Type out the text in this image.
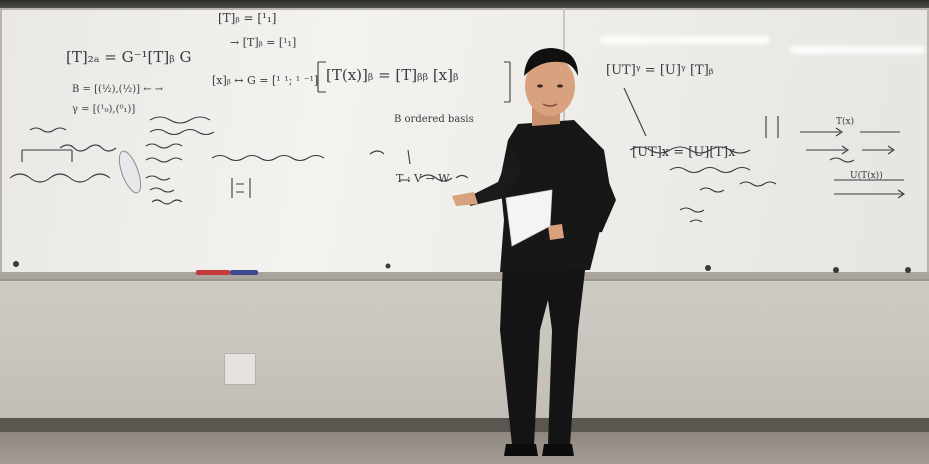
[T]ᵦ = [¹₁]
→ [T]ᵦ = [¹₁]
[T]₂ₐ = G⁻¹[T]ᵦ G
B = [(½),(½)] ← →
γ = [(¹₀),(⁰₁)]
[x]ᵦ ↔ G = [¹ ¹; ¹ ⁻¹] [T(x)]ᵦ = [T]ᵦᵦ [x]ᵦ
B ordered basis
T : V → W
[UT]ᵞ = [U]ᵞ [T]ᵦ
[UT]x = [U][T]x
T(x)
U(T(x))
